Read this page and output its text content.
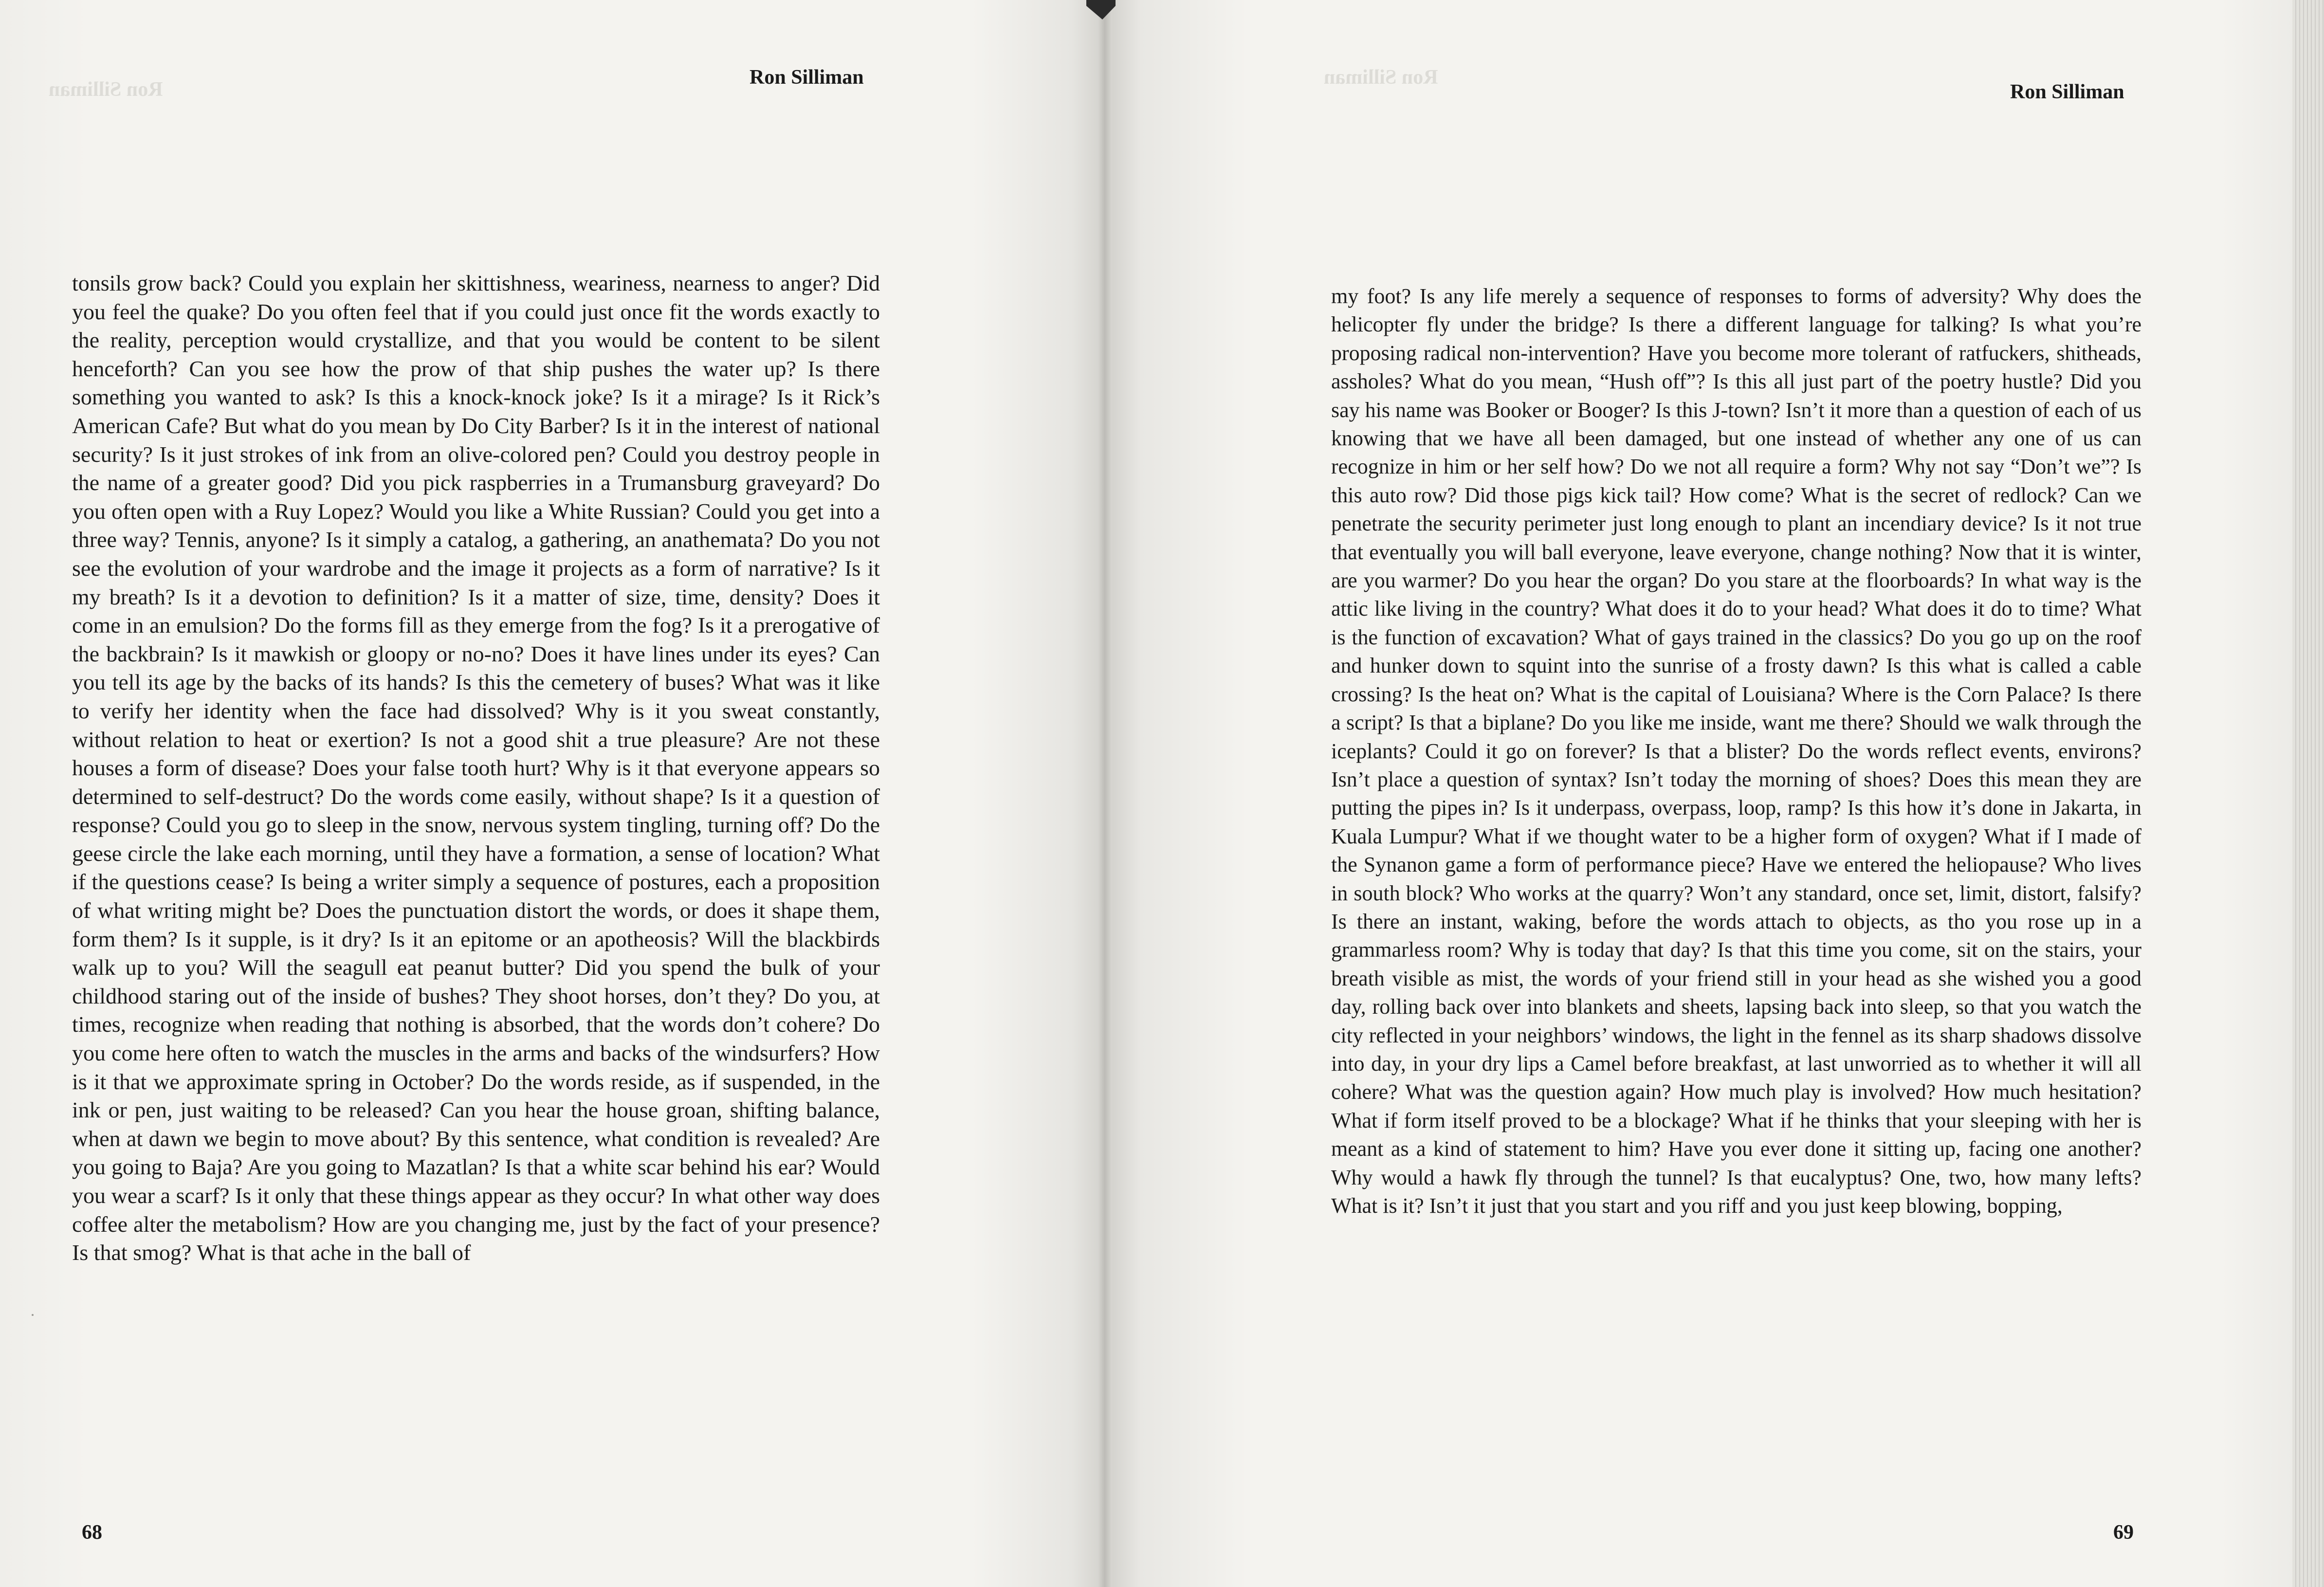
Ron Silliman
Ron Silliman

tonsils grow back? Could you explain her skittishness, weariness, nearness to anger? Did you feel the quake? Do you often feel that if you could just once fit the words exactly to the reality, perception would crystallize, and that you would be content to be silent henceforth? Can you see how the prow of that ship pushes the water up? Is there something you wanted to ask? Is this a knock-knock joke? Is it a mirage? Is it Rick’s American Cafe? But what do you mean by Do City Barber? Is it in the interest of national security? Is it just strokes of ink from an olive-colored pen? Could you destroy people in the name of a greater good? Did you pick raspberries in a Trumansburg graveyard? Do you often open with a Ruy Lopez? Would you like a White Russian? Could you get into a three way? Tennis, anyone? Is it simply a catalog, a gathering, an anathemata? Do you not see the evolution of your wardrobe and the image it projects as a form of narrative? Is it my breath? Is it a devotion to definition? Is it a matter of size, time, density? Does it come in an emulsion? Do the forms fill as they emerge from the fog? Is it a prerogative of the backbrain? Is it mawkish or gloopy or no-no? Does it have lines under its eyes? Can you tell its age by the backs of its hands? Is this the cemetery of buses? What was it like to verify her identity when the face had dissolved? Why is it you sweat constantly, without relation to heat or exertion? Is not a good shit a true pleasure? Are not these houses a form of disease? Does your false tooth hurt? Why is it that everyone appears so determined to self-destruct? Do the words come easily, without shape? Is it a question of response? Could you go to sleep in the snow, nervous system tingling, turning off? Do the geese circle the lake each morning, until they have a formation, a sense of location? What if the questions cease? Is being a writer simply a sequence of postures, each a proposition of what writing might be? Does the punctuation distort the words, or does it shape them, form them? Is it supple, is it dry? Is it an epitome or an apotheosis? Will the blackbirds walk up to you? Will the seagull eat peanut butter? Did you spend the bulk of your childhood staring out of the inside of bushes? They shoot horses, don’t they? Do you, at times, recognize when reading that nothing is absorbed, that the words don’t cohere? Do you come here often to watch the muscles in the arms and backs of the windsurfers? How is it that we approximate spring in October? Do the words reside, as if suspended, in the ink or pen, just waiting to be released? Can you hear the house groan, shifting balance, when at dawn we begin to move about? By this sentence, what condition is revealed? Are you going to Baja? Are you going to Mazatlan? Is that a white scar behind his ear? Would you wear a scarf? Is it only that these things appear as they occur? In what other way does coffee alter the metabolism? How are you changing me, just by the fact of your presence? Is that smog? What is that ache in the ball of

68
Ron Silliman
Ron Silliman

my foot? Is any life merely a sequence of responses to forms of adversity? Why does the helicopter fly under the bridge? Is there a different language for talking? Is what you’re proposing radical non-intervention? Have you become more tolerant of ratfuckers, shitheads, assholes? What do you mean, “Hush off”? Is this all just part of the poetry hustle? Did you say his name was Booker or Booger? Is this J-town? Isn’t it more than a question of each of us knowing that we have all been damaged, but one instead of whether any one of us can recognize in him or her self how? Do we not all require a form? Why not say “Don’t we”? Is this auto row? Did those pigs kick tail? How come? What is the secret of redlock? Can we penetrate the security perimeter just long enough to plant an incendiary device? Is it not true that eventually you will ball everyone, leave everyone, change nothing? Now that it is winter, are you warmer? Do you hear the organ? Do you stare at the floorboards? In what way is the attic like living in the country? What does it do to your head? What does it do to time? What is the function of excavation? What of gays trained in the classics? Do you go up on the roof and hunker down to squint into the sunrise of a frosty dawn? Is this what is called a cable crossing? Is the heat on? What is the capital of Louisiana? Where is the Corn Palace? Is there a script? Is that a biplane? Do you like me inside, want me there? Should we walk through the iceplants? Could it go on forever? Is that a blister? Do the words reflect events, environs? Isn’t place a question of syntax? Isn’t today the morning of shoes? Does this mean they are putting the pipes in? Is it underpass, overpass, loop, ramp? Is this how it’s done in Jakarta, in Kuala Lumpur? What if we thought water to be a higher form of oxygen? What if I made of the Synanon game a form of performance piece? Have we entered the heliopause? Who lives in south block? Who works at the quarry? Won’t any standard, once set, limit, distort, falsify? Is there an instant, waking, before the words attach to objects, as tho you rose up in a grammarless room? Why is today that day? Is that this time you come, sit on the stairs, your breath visible as mist, the words of your friend still in your head as she wished you a good day, rolling back over into blankets and sheets, lapsing back into sleep, so that you watch the city reflected in your neighbors’ windows, the light in the fennel as its sharp shadows dissolve into day, in your dry lips a Camel before breakfast, at last unworried as to whether it will all cohere? What was the question again? How much play is involved? How much hesitation? What if form itself proved to be a blockage? What if he thinks that your sleeping with her is meant as a kind of statement to him? Have you ever done it sitting up, facing one another? Why would a hawk fly through the tunnel? Is that eucalyptus? One, two, how many lefts? What is it? Isn’t it just that you start and you riff and you just keep blowing, bopping,

69
